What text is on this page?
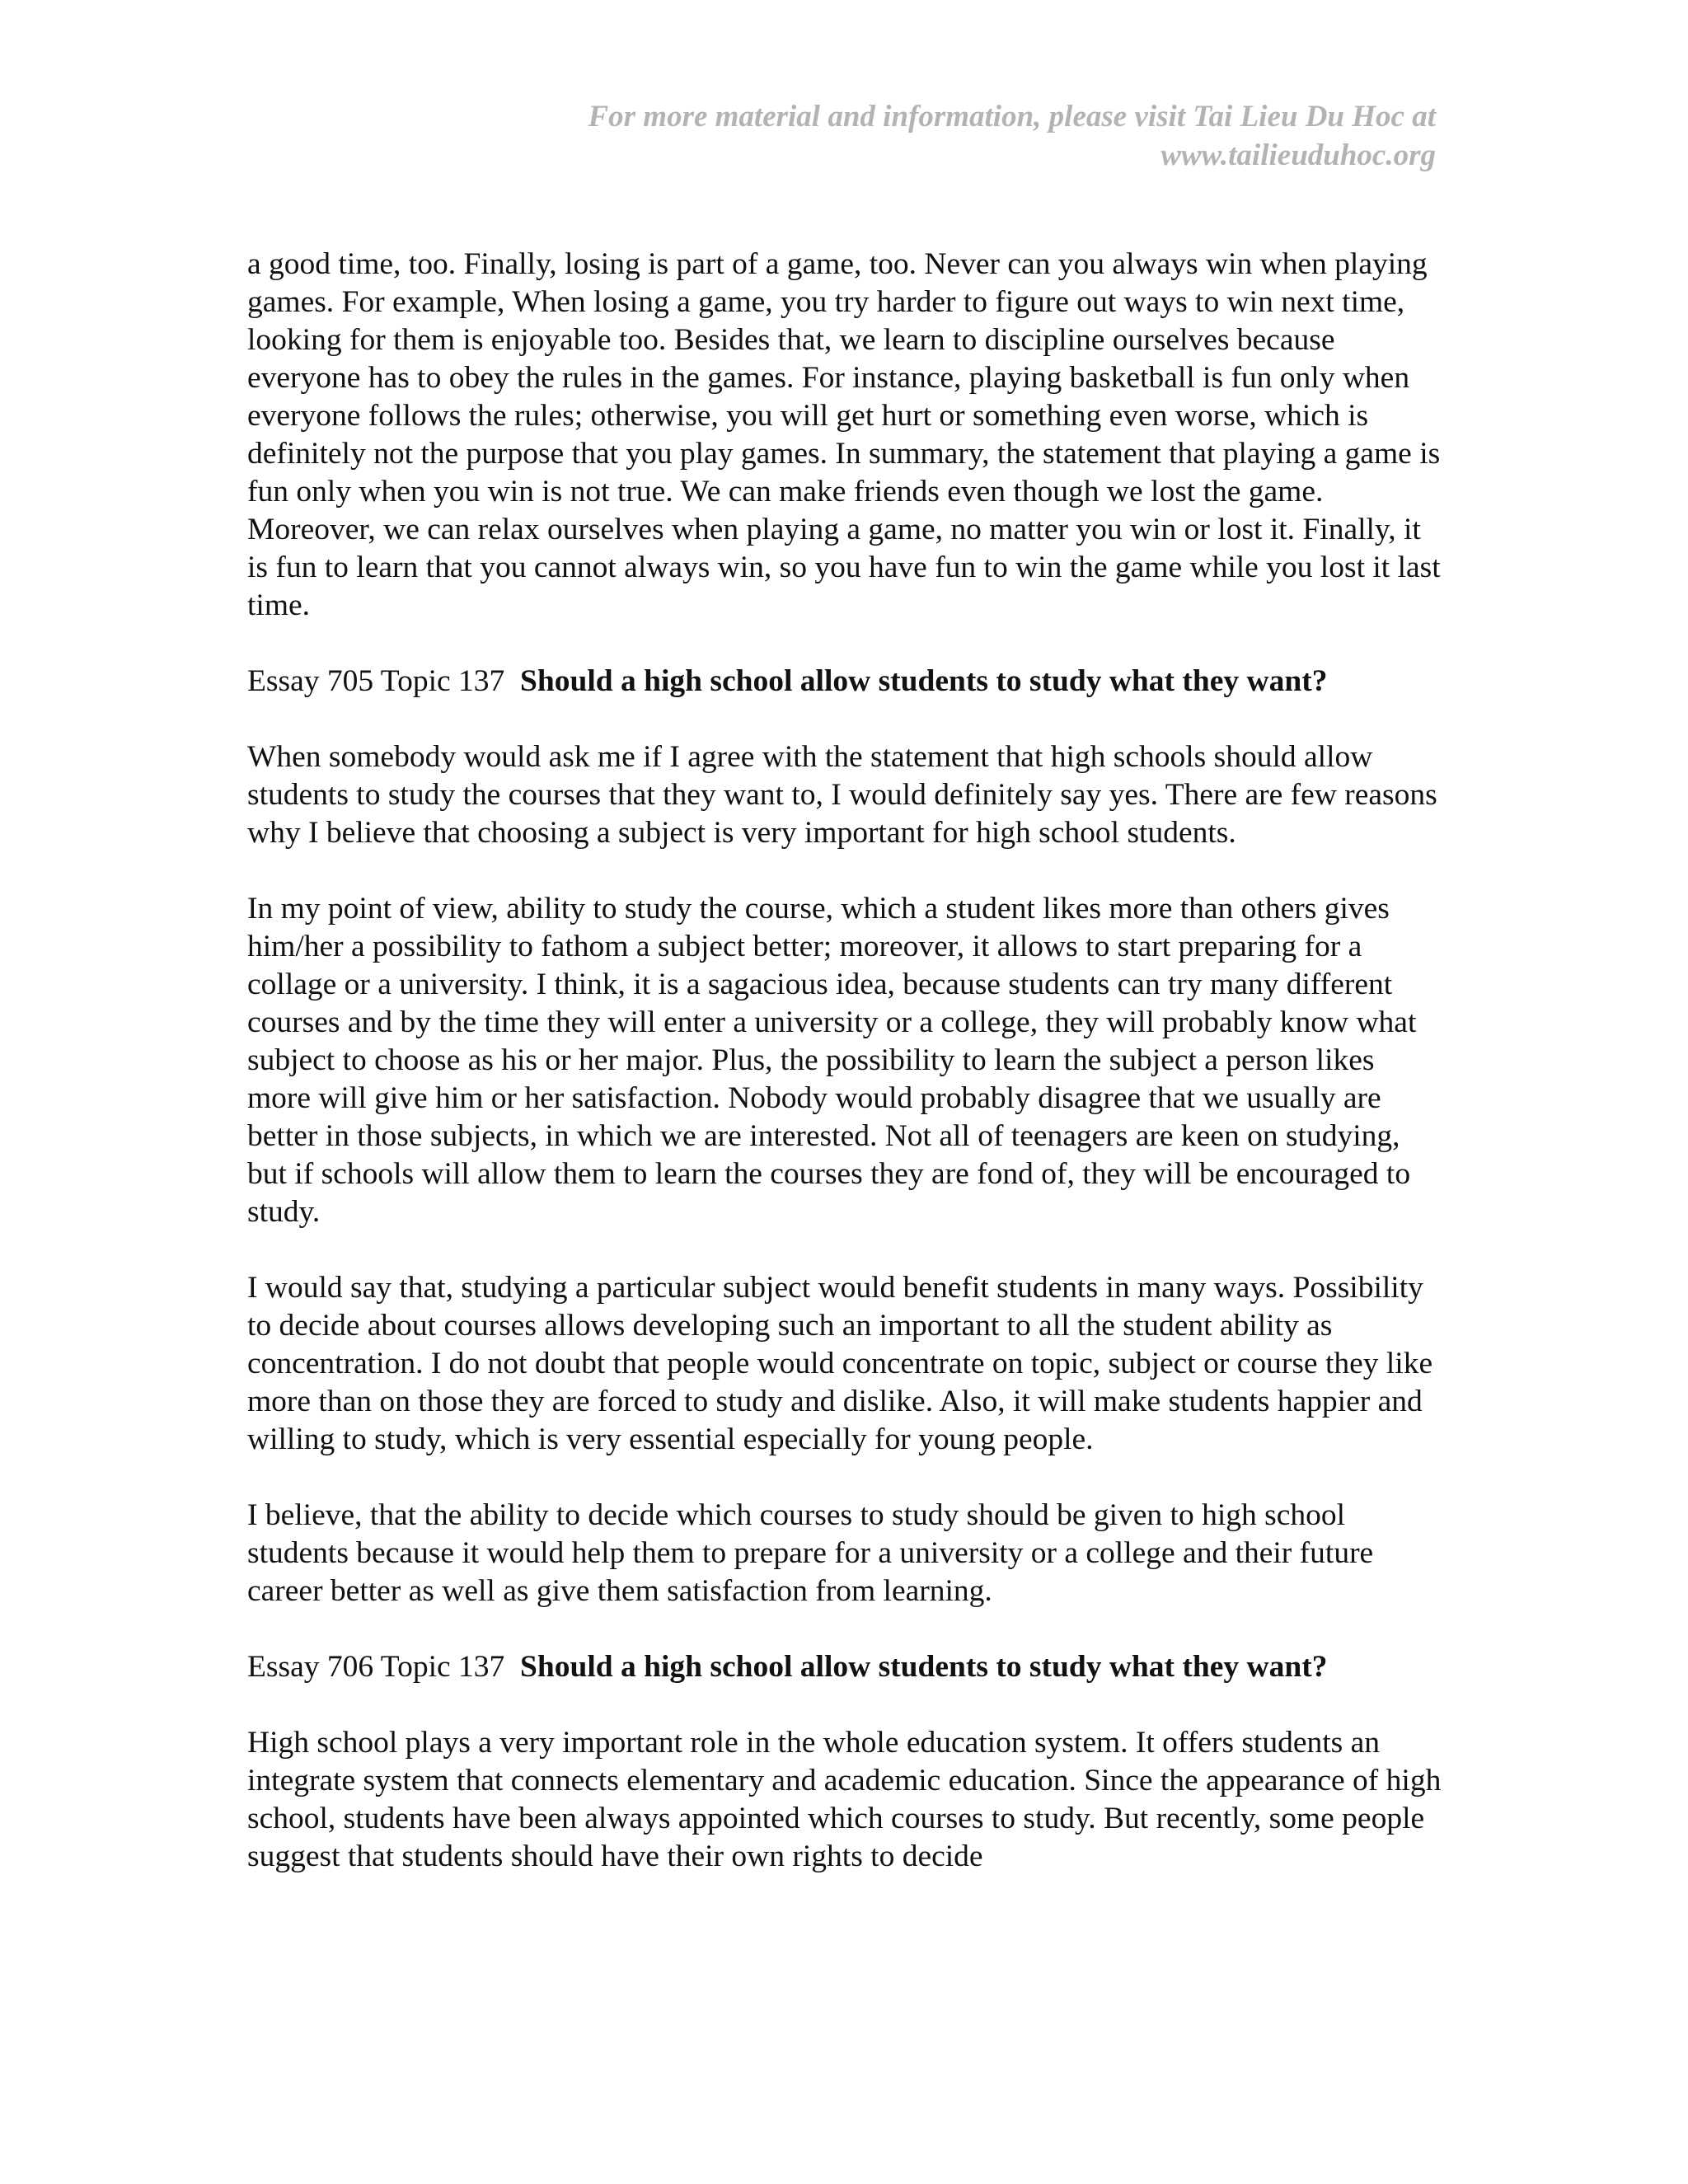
For more material and information, please visit Tai Lieu Du Hoc at
www.tailieuduhoc.org

a good time, too. Finally, losing is part of a game, too. Never can you always win when playing games. For example, When losing a game, you try harder to figure out ways to win next time, looking for them is enjoyable too. Besides that, we learn to discipline ourselves because everyone has to obey the rules in the games. For instance, playing basketball is fun only when everyone follows the rules; otherwise, you will get hurt or something even worse, which is definitely not the purpose that you play games. In summary, the statement that playing a game is fun only when you win is not true. We can make friends even though we lost the game. Moreover, we can relax ourselves when playing a game, no matter you win or lost it. Finally, it is fun to learn that you cannot always win, so you have fun to win the game while you lost it last time.

Essay 705 Topic 137 Should a high school allow students to study what they want?

When somebody would ask me if I agree with the statement that high schools should allow students to study the courses that they want to, I would definitely say yes. There are few reasons why I believe that choosing a subject is very important for high school students.

In my point of view, ability to study the course, which a student likes more than others gives him/her a possibility to fathom a subject better; moreover, it allows to start preparing for a collage or a university. I think, it is a sagacious idea, because students can try many different courses and by the time they will enter a university or a college, they will probably know what subject to choose as his or her major. Plus, the possibility to learn the subject a person likes more will give him or her satisfaction. Nobody would probably disagree that we usually are better in those subjects, in which we are interested. Not all of teenagers are keen on studying, but if schools will allow them to learn the courses they are fond of, they will be encouraged to study.

I would say that, studying a particular subject would benefit students in many ways. Possibility to decide about courses allows developing such an important to all the student ability as concentration. I do not doubt that people would concentrate on topic, subject or course they like more than on those they are forced to study and dislike. Also, it will make students happier and willing to study, which is very essential especially for young people.

I believe, that the ability to decide which courses to study should be given to high school students because it would help them to prepare for a university or a college and their future career better as well as give them satisfaction from learning.

Essay 706 Topic 137 Should a high school allow students to study what they want?

High school plays a very important role in the whole education system. It offers students an integrate system that connects elementary and academic education. Since the appearance of high school, students have been always appointed which courses to study. But recently, some people suggest that students should have their own rights to decide
